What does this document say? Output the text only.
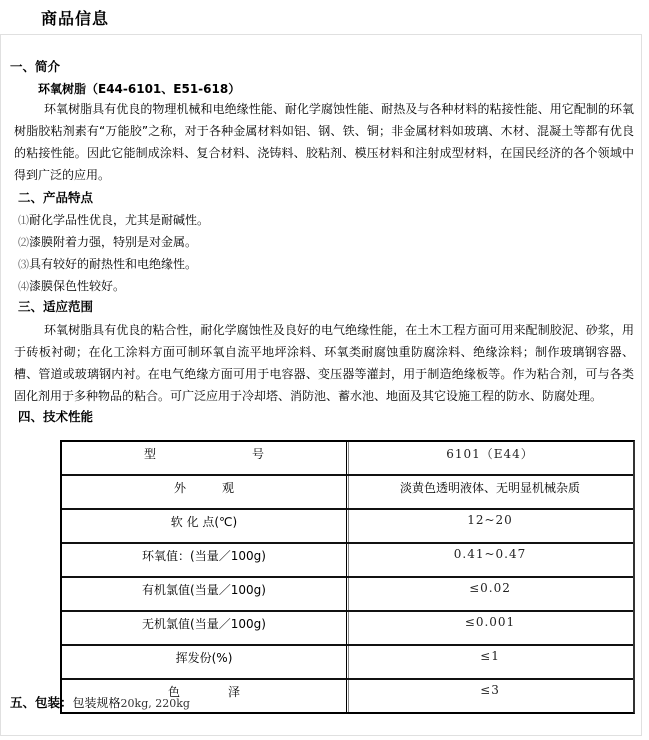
商品信息
一、简介
环氧树脂（E44-6101、E51-618）
环氧树脂具有优良的物理机械和电绝缘性能、耐化学腐蚀性能、耐热及与各种材料的粘接性能、用它配制的环氧树脂胶粘剂素有“万能胶”之称，对于各种金属材料如铝、钢、铁、铜；非金属材料如玻璃、木材、混凝土等都有优良的粘接性能。因此它能制成涂料、复合材料、浇铸料、胶粘剂、模压材料和注射成型材料，在国民经济的各个领域中得到广泛的应用。
二、产品特点
⑴耐化学品性优良，尤其是耐碱性。
⑵漆膜附着力强，特别是对金属。
⑶具有较好的耐热性和电绝缘性。
⑷漆膜保色性较好。
三、适应范围
环氧树脂具有优良的粘合性，耐化学腐蚀性及良好的电气绝缘性能，在土木工程方面可用来配制胶泥、砂浆，用于砖板衬砌；在化工涂料方面可制环氧自流平地坪涂料、环氧类耐腐蚀重防腐涂料、绝缘涂料；制作玻璃钢容器、槽、管道或玻璃钢内衬。在电气绝缘方面可用于电容器、变压器等灌封，用于制造绝缘板等。作为粘合剂，可与各类固化剂用于多种物品的粘合。可广泛应用于冷却塔、消防池、蓄水池、地面及其它设施工程的防水、防腐处理。
四、技术性能
型　　　　　　　　号	6101（E44）
外　　　观	淡黄色透明液体、无明显机械杂质
软 化 点(℃)	12~20
环氧值：(当量／100g)	0.41~0.47
有机氯值(当量／100g)	≤0.02
无机氯值(当量／100g)	≤0.001
挥发份(%)	≤1
色　　　　泽	≤3
五、包装：包装规格20kg, 220kg
